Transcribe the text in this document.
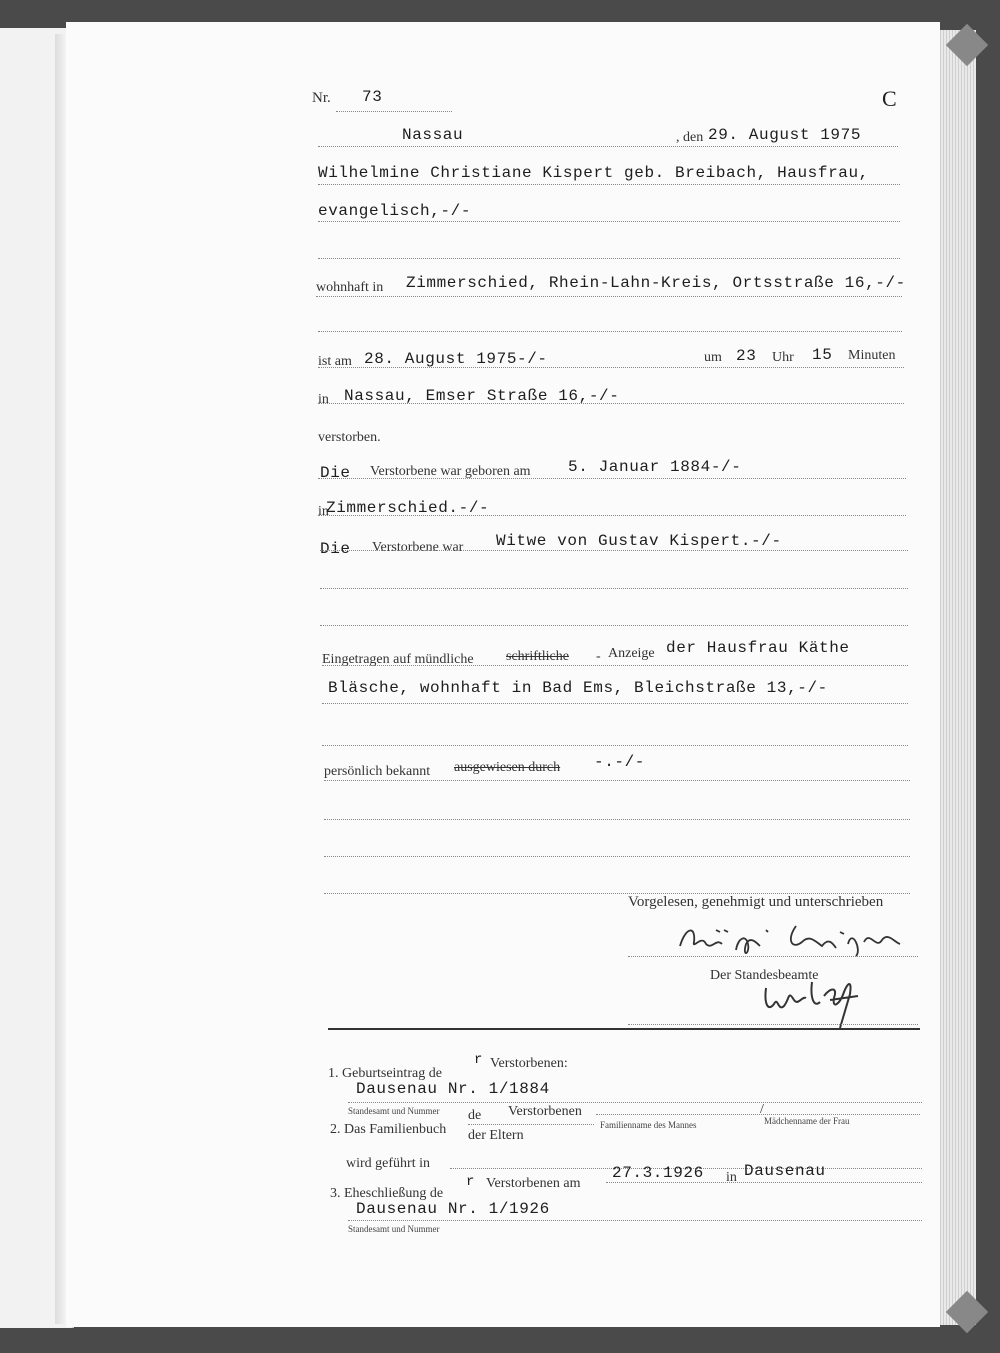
Nr. 73	C
Nassau	, den 29. August 1975
Wilhelmine Christiane Kispert geb. Breibach, Hausfrau,
evangelisch,-/-
wohnhaft in Zimmerschied, Rhein-Lahn-Kreis, Ortsstraße 16,-/-
ist am 28. August 1975-/-	um 23 Uhr 15 Minuten
in Nassau, Emser Straße 16,-/-
verstorben.
Die Verstorbene war geboren am 5. Januar 1884-/-
in
Zimmerschied.-/-
Die Verstorbene war Witwe von Gustav Kispert.-/-
Eingetragen auf mündliche schriftliche - Anzeige der Hausfrau Käthe
Bläsche, wohnhaft in Bad Ems, Bleichstraße 13,-/-
persönlich bekannt ausgewiesen durch -.-/-
Vorgelesen, genehmigt und unterschrieben
Der Standesbeamte
1. Geburtseintrag de
r Verstorbenen:
Dausenau Nr. 1/1884
Standesamt und Nummer
2. Das Familienbuch
de Verstorbenen
der Eltern
Familienname des Mannes
/
Mädchenname der Frau
wird geführt in
3. Eheschließung de
r Verstorbenen am
27.3.1926 in Dausenau
Dausenau Nr. 1/1926
Standesamt und Nummer
